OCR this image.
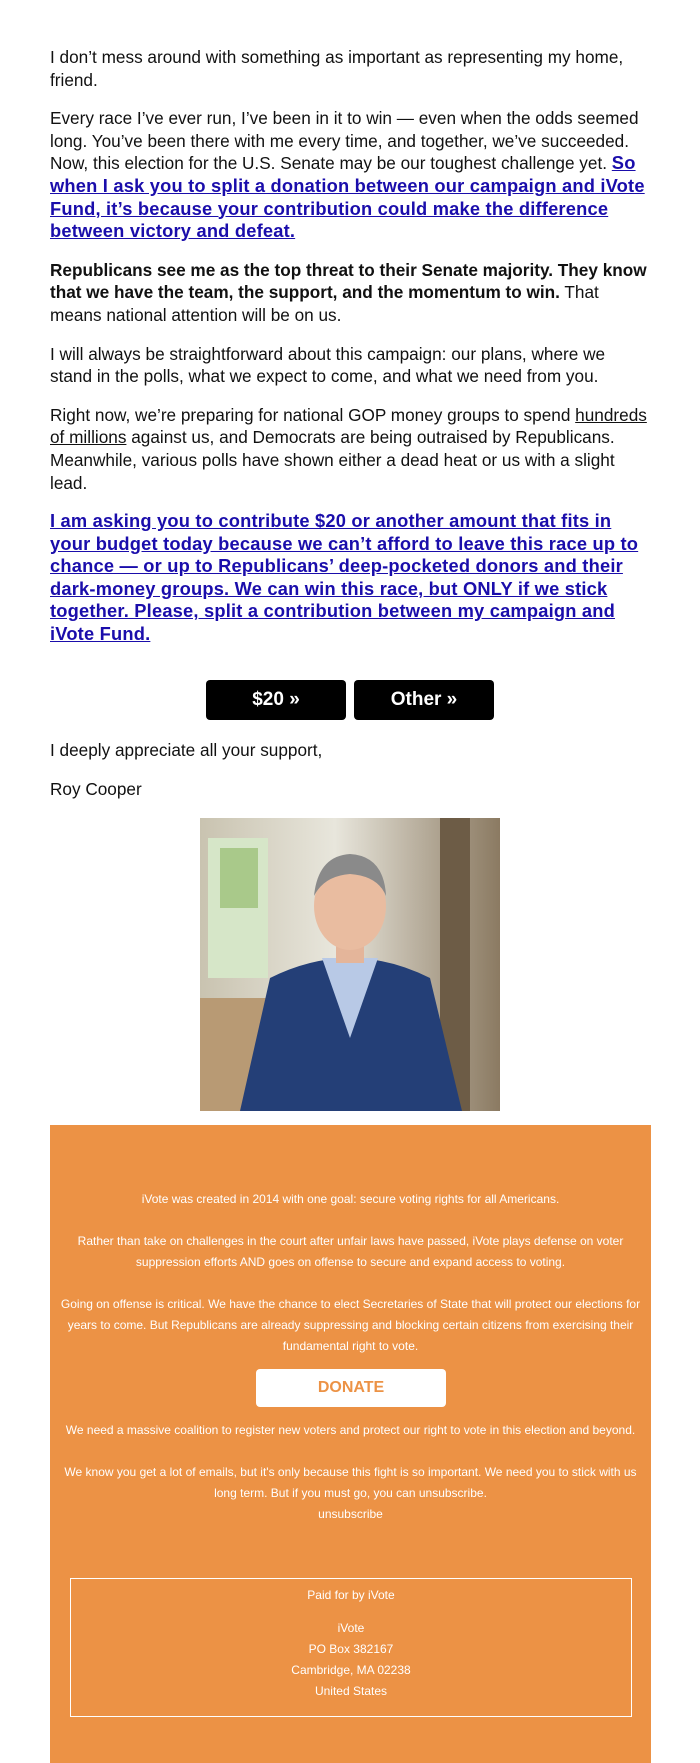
I don’t mess around with something as important as representing my home, friend.

Every race I’ve ever run, I’ve been in it to win — even when the odds seemed long. You’ve been there with me every time, and together, we’ve succeeded. Now, this election for the U.S. Senate may be our toughest challenge yet. So when I ask you to split a donation between our campaign and iVote Fund, it’s because your contribution could make the difference between victory and defeat.

Republicans see me as the top threat to their Senate majority. They know that we have the team, the support, and the momentum to win. That means national attention will be on us.

I will always be straightforward about this campaign: our plans, where we stand in the polls, what we expect to come, and what we need from you.

Right now, we’re preparing for national GOP money groups to spend hundreds of millions against us, and Democrats are being outraised by Republicans. Meanwhile, various polls have shown either a dead heat or us with a slight lead.

I am asking you to contribute $20 or another amount that fits in your budget today because we can’t afford to leave this race up to chance — or up to Republicans’ deep-pocketed donors and their dark-money groups. We can win this race, but ONLY if we stick together. Please, split a contribution between my campaign and iVote Fund.

$20 »	Other »
I deeply appreciate all your support,
Roy Cooper

iVote was created in 2014 with one goal: secure voting rights for all Americans.

Rather than take on challenges in the court after unfair laws have passed, iVote plays defense on voter

suppression efforts AND goes on offense to secure and expand access to voting.

Going on offense is critical. We have the chance to elect Secretaries of State that will protect our elections for

years to come. But Republicans are already suppressing and blocking certain citizens from exercising their

fundamental right to vote.

DONATE

We need a massive coalition to register new voters and protect our right to vote in this election and beyond.

We know you get a lot of emails, but it's only because this fight is so important. We need you to stick with us

long term. But if you must go, you can unsubscribe.

unsubscribe

Paid for by iVote

iVote

PO Box 382167

Cambridge, MA 02238

United States
